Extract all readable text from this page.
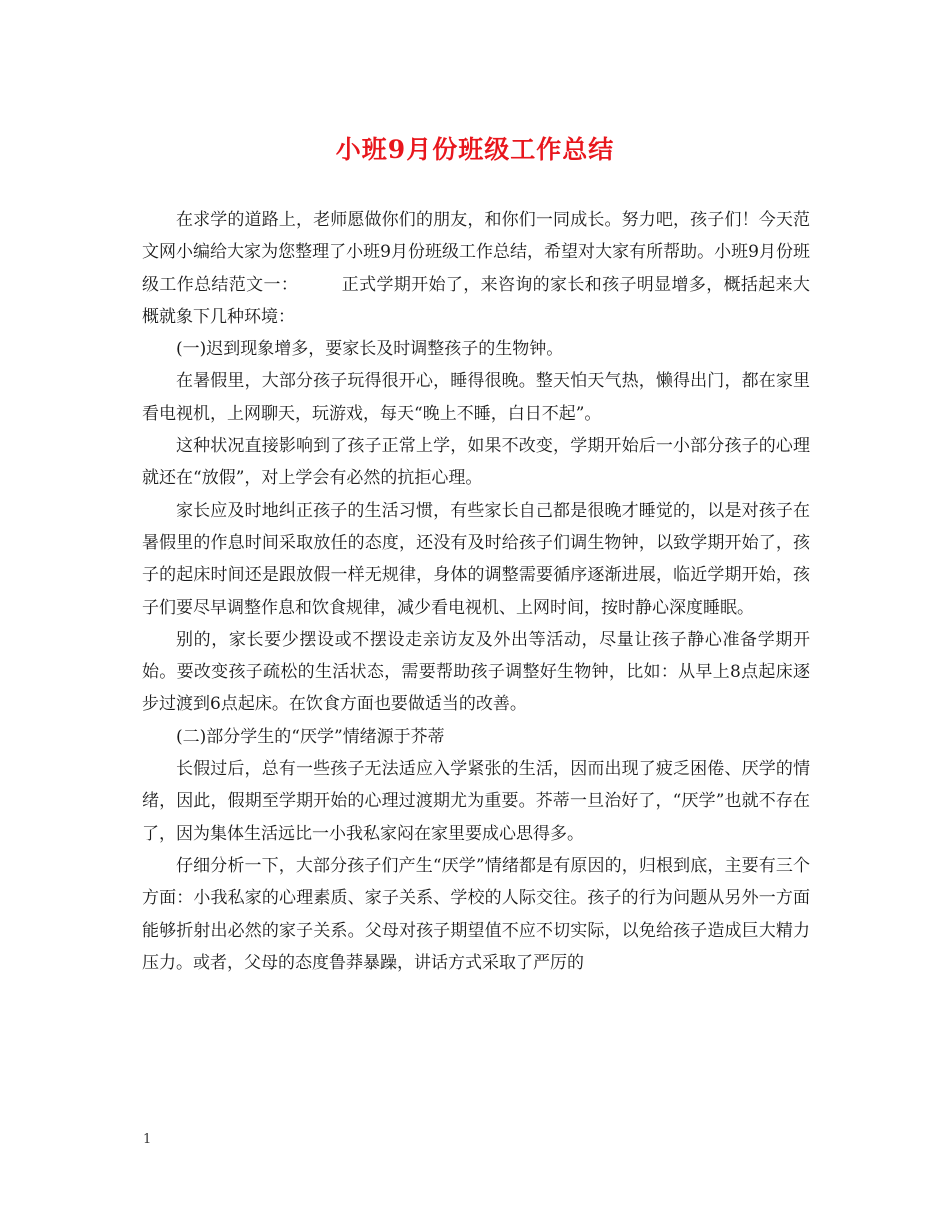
小班9月份班级工作总结

在求学的道路上，老师愿做你们的朋友，和你们一同成长。努力吧，孩子们！今天范文网小编给大家为您整理了小班9月份班级工作总结，希望对大家有所帮助。小班9月份班级工作总结范文一：　　　正式学期开始了，来咨询的家长和孩子明显增多，概括起来大概就象下几种环境：

(一)迟到现象增多，要家长及时调整孩子的生物钟。

在暑假里，大部分孩子玩得很开心，睡得很晚。整天怕天气热，懒得出门，都在家里看电视机，上网聊天，玩游戏，每天“晚上不睡，白日不起”。

这种状况直接影响到了孩子正常上学，如果不改变，学期开始后一小部分孩子的心理就还在“放假”，对上学会有必然的抗拒心理。

家长应及时地纠正孩子的生活习惯，有些家长自己都是很晚才睡觉的，以是对孩子在暑假里的作息时间采取放任的态度，还没有及时给孩子们调生物钟，以致学期开始了，孩子的起床时间还是跟放假一样无规律，身体的调整需要循序逐渐进展，临近学期开始，孩子们要尽早调整作息和饮食规律，减少看电视机、上网时间，按时静心深度睡眠。

别的，家长要少摆设或不摆设走亲访友及外出等活动，尽量让孩子静心准备学期开始。要改变孩子疏松的生活状态，需要帮助孩子调整好生物钟，比如：从早上8点起床逐步过渡到6点起床。在饮食方面也要做适当的改善。

(二)部分学生的“厌学”情绪源于芥蒂

长假过后，总有一些孩子无法适应入学紧张的生活，因而出现了疲乏困倦、厌学的情绪，因此，假期至学期开始的心理过渡期尤为重要。芥蒂一旦治好了，“厌学”也就不存在了，因为集体生活远比一小我私家闷在家里要成心思得多。

仔细分析一下，大部分孩子们产生“厌学”情绪都是有原因的，归根到底，主要有三个方面：小我私家的心理素质、家子关系、学校的人际交往。孩子的行为问题从另外一方面能够折射出必然的家子关系。父母对孩子期望值不应不切实际，以免给孩子造成巨大精力压力。或者，父母的态度鲁莽暴躁，讲话方式采取了严厉的

1
